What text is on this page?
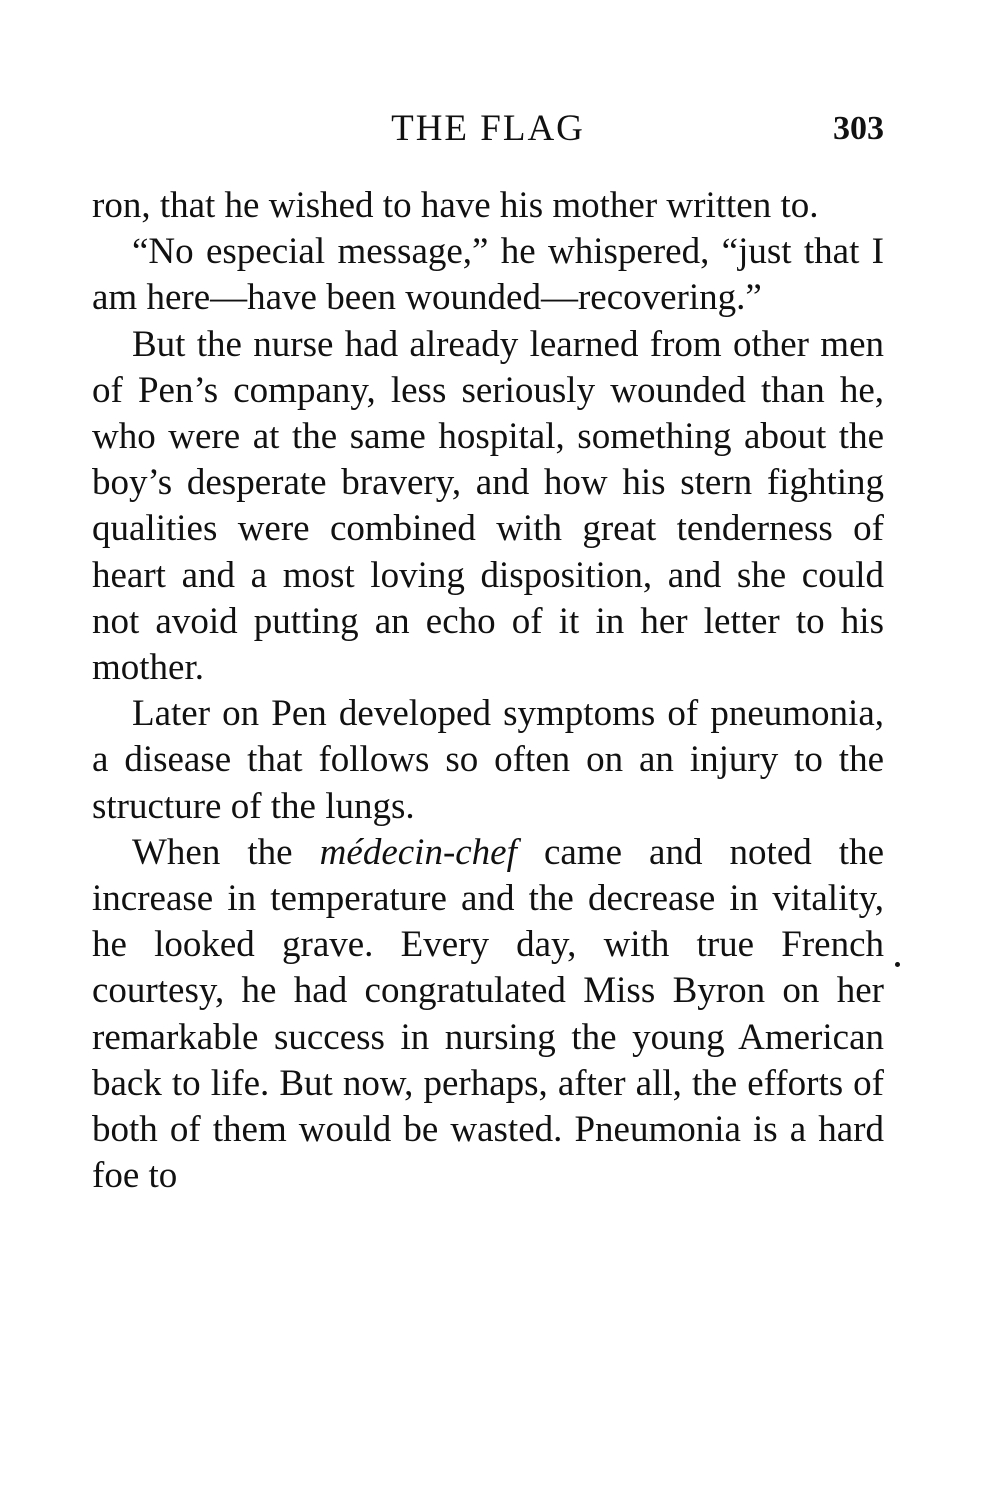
THE FLAG	303

ron, that he wished to have his mother written to.

“No especial message,” he whispered, “just that I am here—have been wounded—recovering.”

But the nurse had already learned from other men of Pen’s company, less seriously wounded than he, who were at the same hospital, something about the boy’s desperate bravery, and how his stern fighting qualities were combined with great tenderness of heart and a most loving disposition, and she could not avoid putting an echo of it in her letter to his mother.

Later on Pen developed symptoms of pneumonia, a disease that follows so often on an injury to the structure of the lungs.

When the médecin-chef came and noted the increase in temperature and the decrease in vitality, he looked grave. Every day, with true French courtesy, he had congratulated Miss Byron on her remarkable success in nursing the young American back to life. But now, perhaps, after all, the efforts of both of them would be wasted. Pneumonia is a hard foe to
